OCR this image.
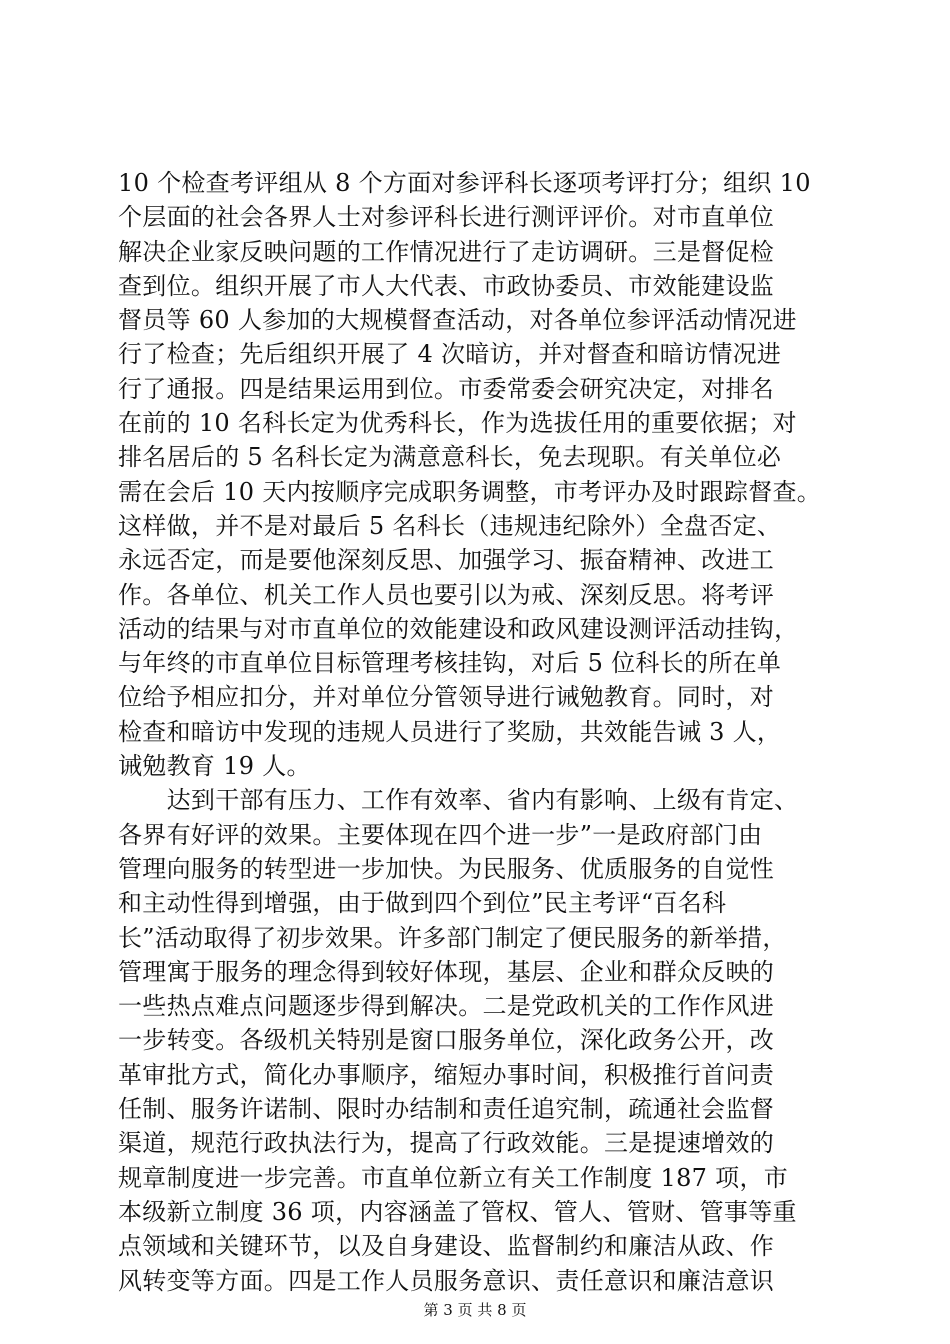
10 个检查考评组从 8 个方面对参评科长逐项考评打分；组织 10
个层面的社会各界人士对参评科长进行测评评价。对市直单位
解决企业家反映问题的工作情况进行了走访调研。三是督促检
查到位。组织开展了市人大代表、市政协委员、市效能建设监
督员等 60 人参加的大规模督查活动，对各单位参评活动情况进
行了检查；先后组织开展了 4 次暗访，并对督查和暗访情况进
行了通报。四是结果运用到位。市委常委会研究决定，对排名
在前的 10 名科长定为优秀科长，作为选拔任用的重要依据；对
排名居后的 5 名科长定为满意意科长，免去现职。有关单位必
需在会后 10 天内按顺序完成职务调整，市考评办及时跟踪督查。
这样做，并不是对最后 5 名科长（违规违纪除外）全盘否定、
永远否定，而是要他深刻反思、加强学习、振奋精神、改进工
作。各单位、机关工作人员也要引以为戒、深刻反思。将考评
活动的结果与对市直单位的效能建设和政风建设测评活动挂钩，
与年终的市直单位目标管理考核挂钩，对后 5 位科长的所在单
位给予相应扣分，并对单位分管领导进行诫勉教育。同时，对
检查和暗访中发现的违规人员进行了奖励，共效能告诫 3 人，
诫勉教育 19 人。
　　达到干部有压力、工作有效率、省内有影响、上级有肯定、
各界有好评的效果。主要体现在四个进一步”一是政府部门由
管理向服务的转型进一步加快。为民服务、优质服务的自觉性
和主动性得到增强，由于做到四个到位”民主考评“百名科
长”活动取得了初步效果。许多部门制定了便民服务的新举措，
管理寓于服务的理念得到较好体现，基层、企业和群众反映的
一些热点难点问题逐步得到解决。二是党政机关的工作作风进
一步转变。各级机关特别是窗口服务单位，深化政务公开，改
革审批方式，简化办事顺序，缩短办事时间，积极推行首问责
任制、服务许诺制、限时办结制和责任追究制，疏通社会监督
渠道，规范行政执法行为，提高了行政效能。三是提速增效的
规章制度进一步完善。市直单位新立有关工作制度 187 项，市
本级新立制度 36 项，内容涵盖了管权、管人、管财、管事等重
点领域和关键环节，以及自身建设、监督制约和廉洁从政、作
风转变等方面。四是工作人员服务意识、责任意识和廉洁意识
第 3 页 共 8 页
